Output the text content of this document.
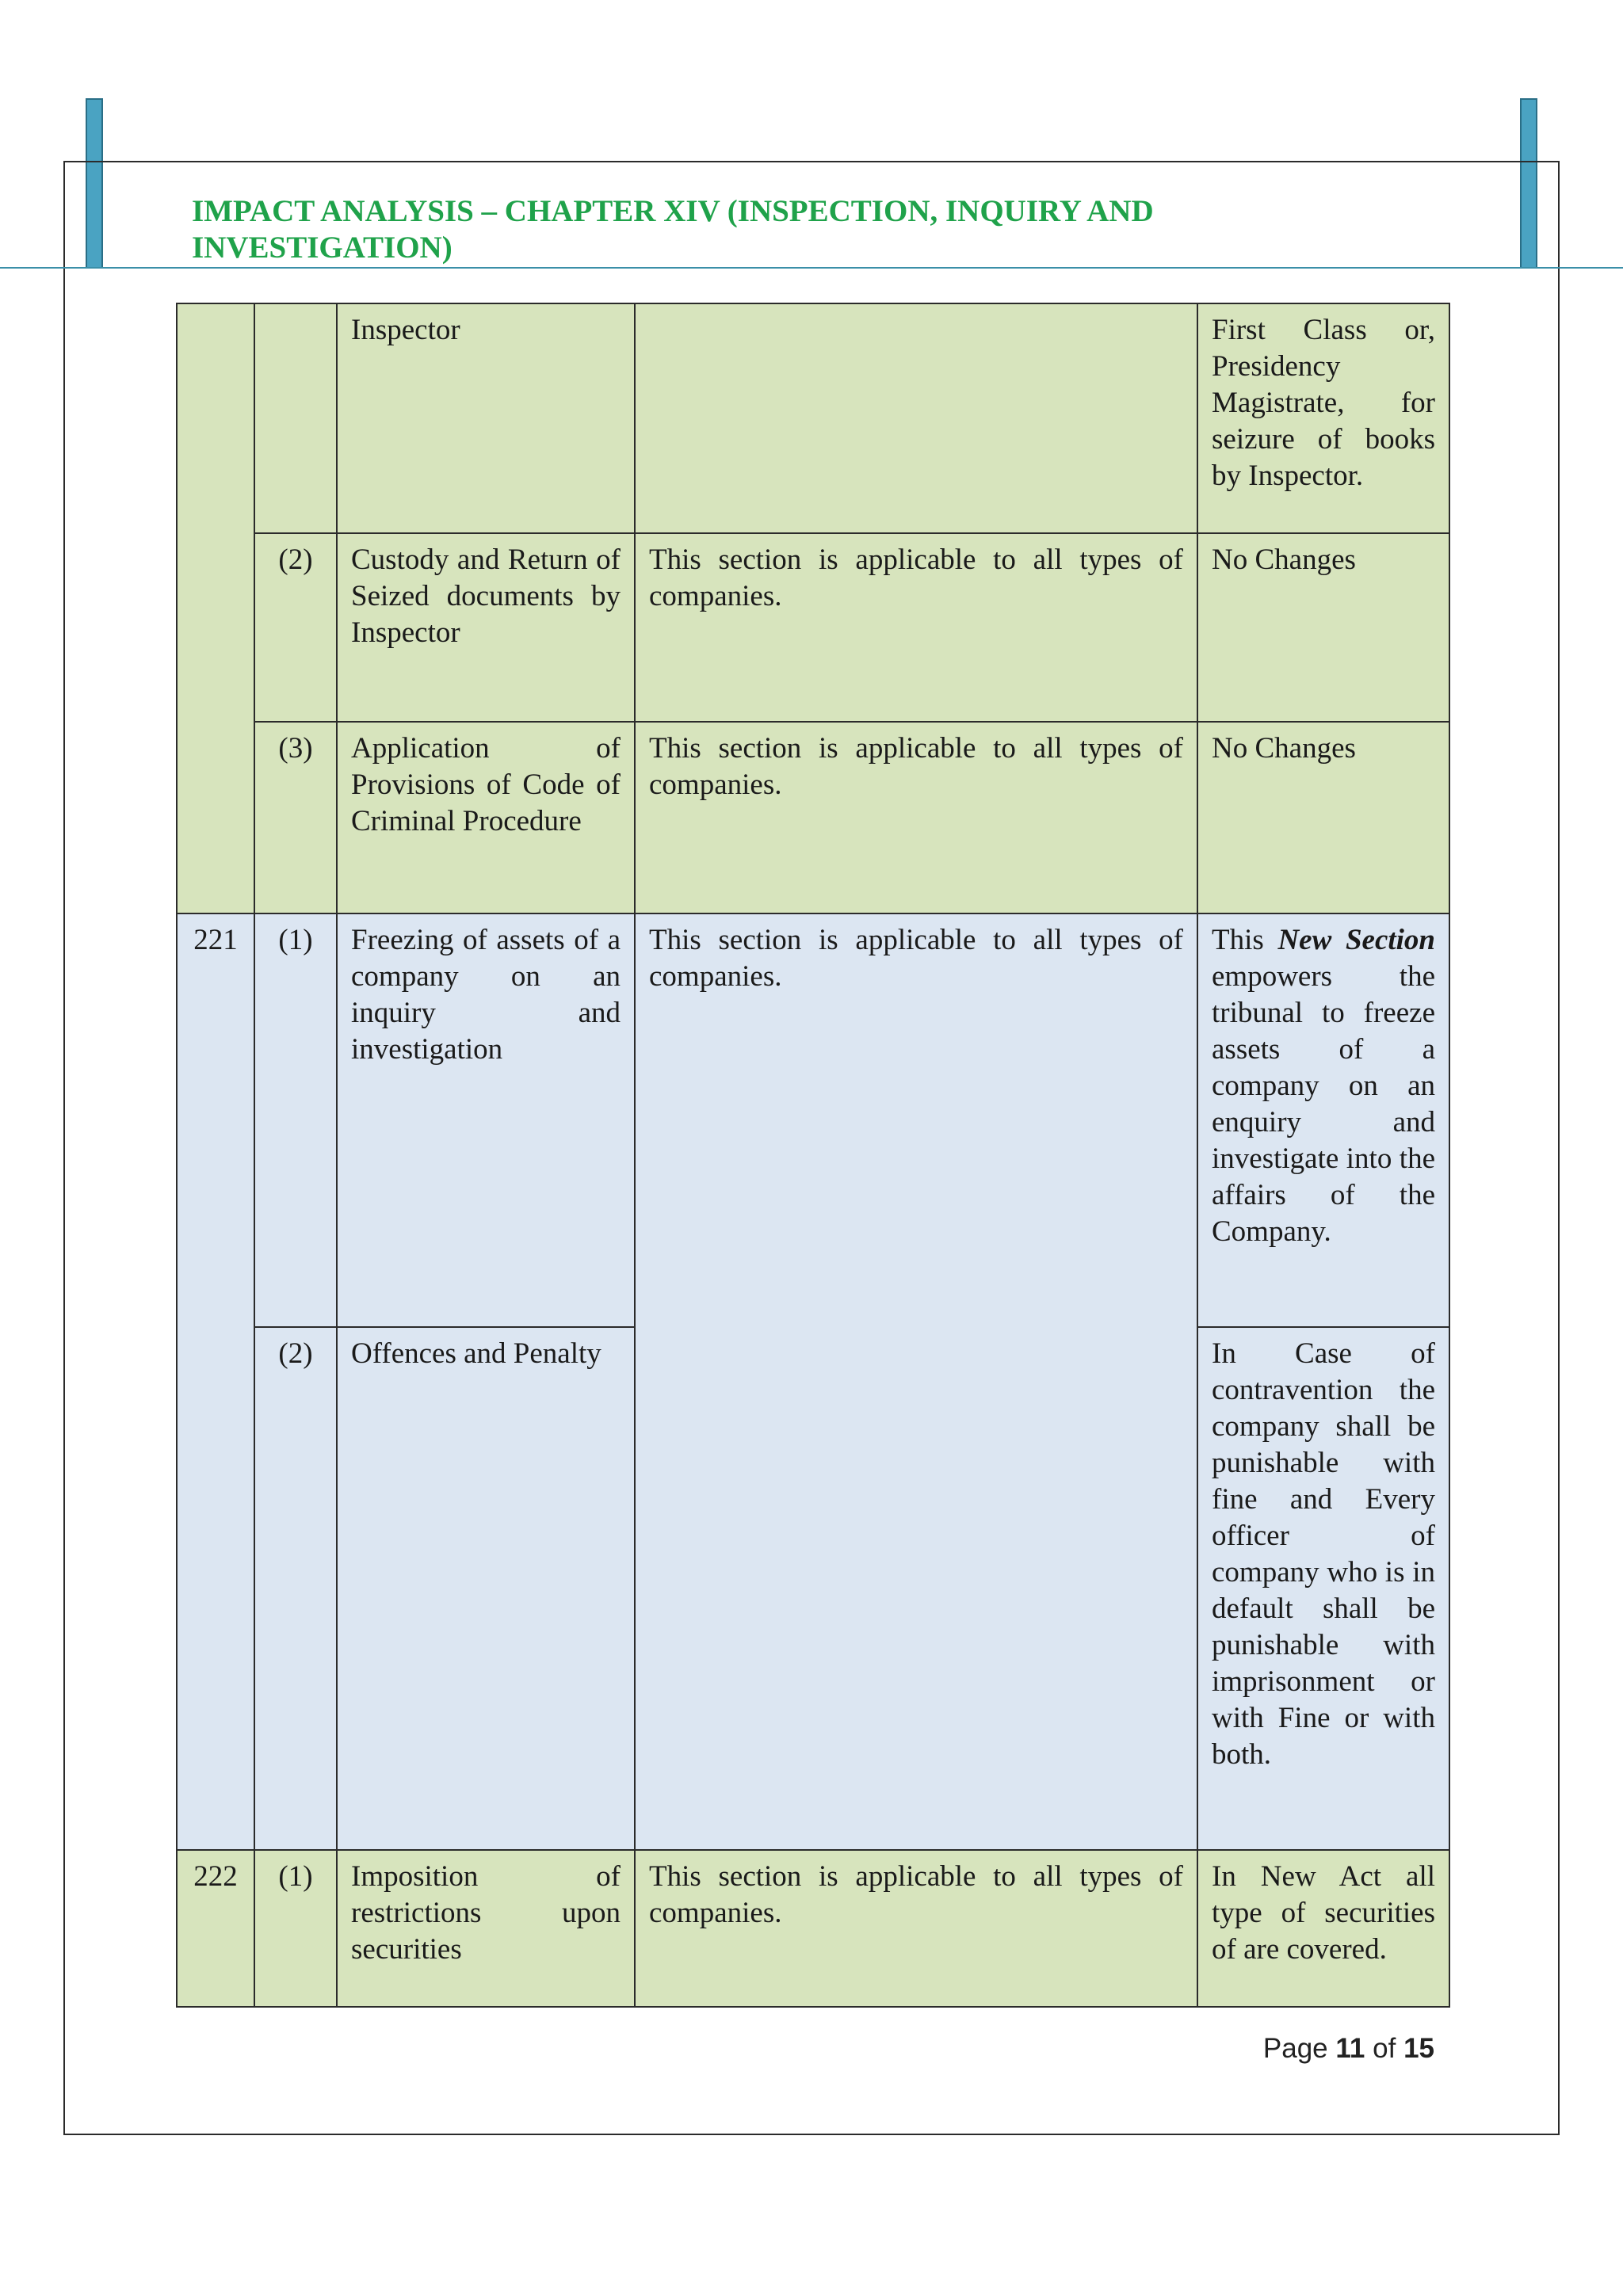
IMPACT ANALYSIS – CHAPTER XIV (INSPECTION, INQUIRY AND INVESTIGATION)
		Inspector		First Class or, Presidency Magistrate, for seizure of books by Inspector.
	(2)	Custody and Return of Seized documents by Inspector	This section is applicable to all types of companies.	No Changes
	(3)	Application of Provisions of Code of Criminal Procedure	This section is applicable to all types of companies.	No Changes
221	(1)	Freezing of assets of a company on an inquiry and investigation	This section is applicable to all types of companies.	This New Section empowers the tribunal to freeze assets of a company on an enquiry and investigate into the affairs of the Company.
	(2)	Offences and Penalty		In Case of contravention the company shall be punishable with fine and Every officer of company who is in default shall be punishable with imprisonment or with Fine or with both.
222	(1)	Imposition of restrictions upon securities	This section is applicable to all types of companies.	In New Act all type of securities of are covered.
Page 11 of 15
